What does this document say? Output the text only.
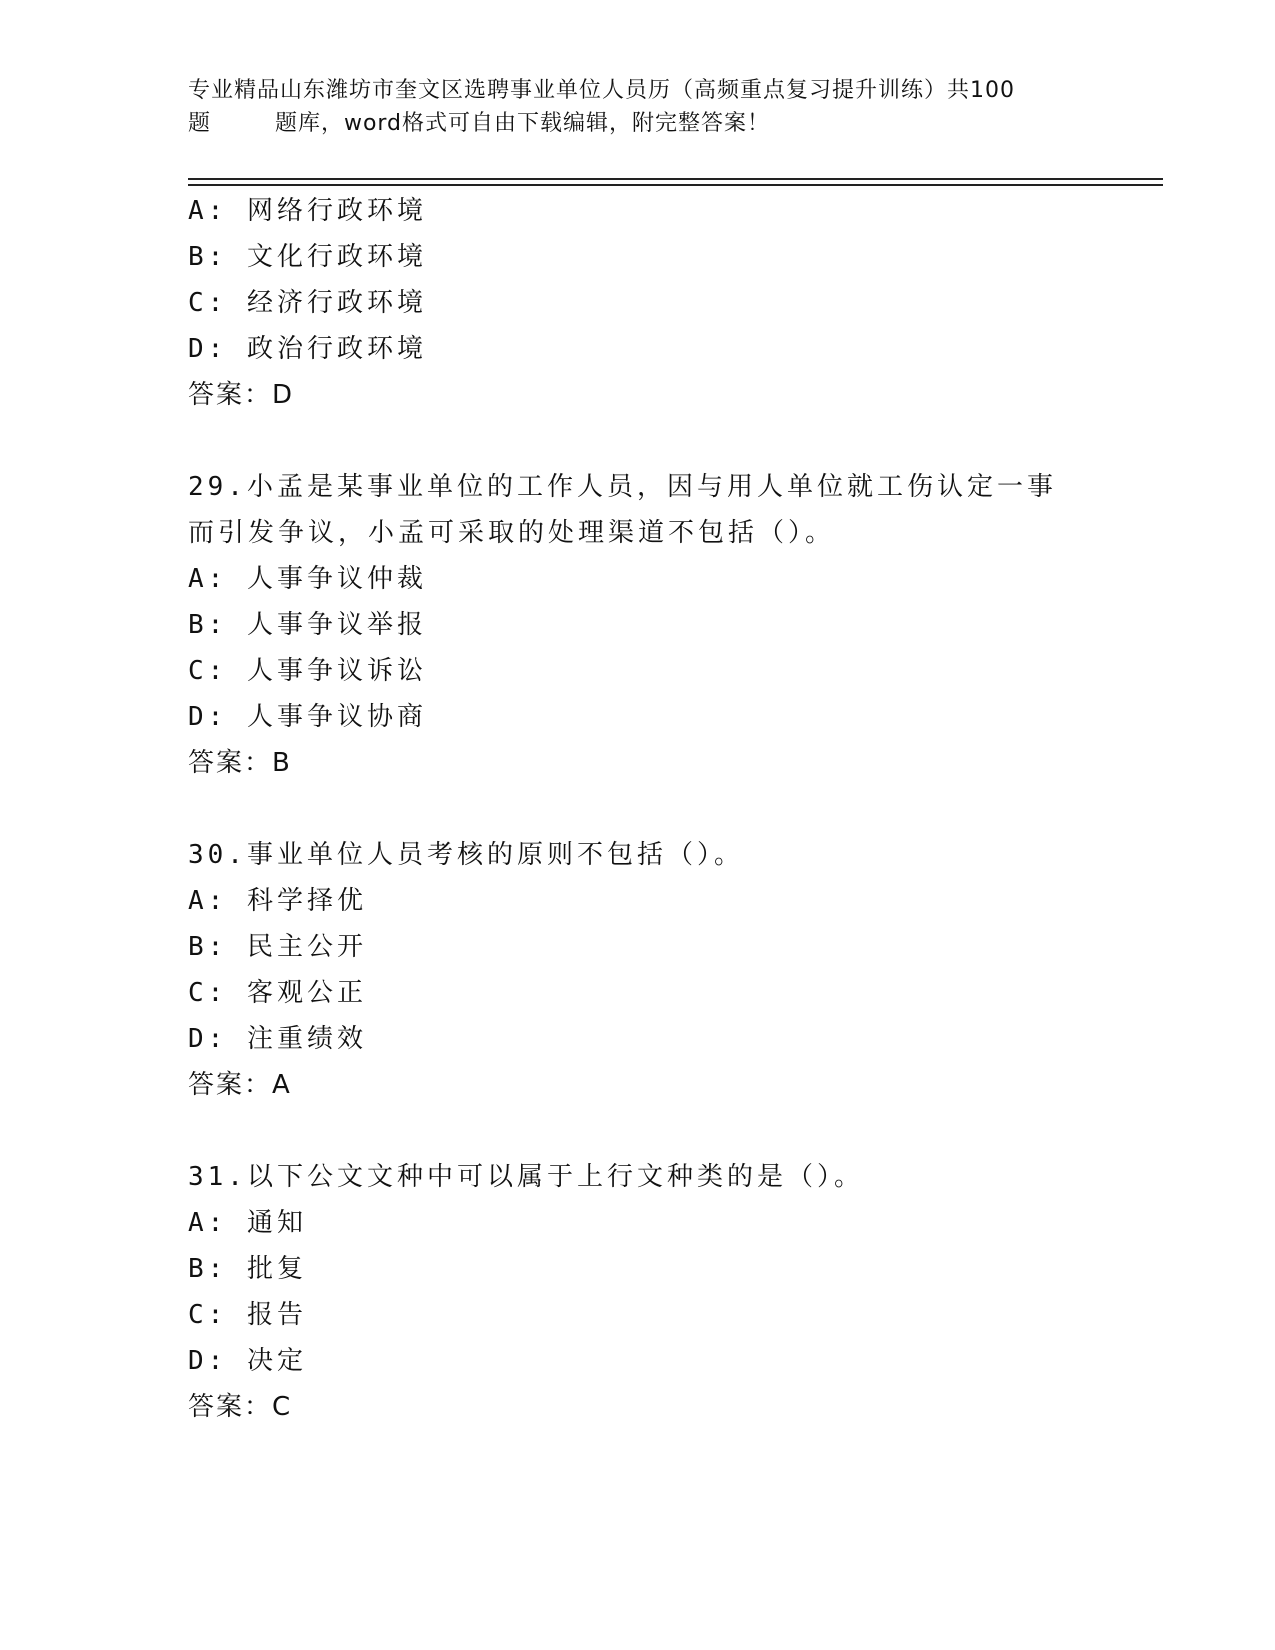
专业精品山东潍坊市奎文区选聘事业单位人员历（高频重点复习提升训练）共100
题        题库，word格式可自由下载编辑，附完整答案！
A: 网络行政环境
B: 文化行政环境
C: 经济行政环境
D: 政治行政环境
答案：D
29.小孟是某事业单位的工作人员，因与用人单位就工伤认定一事而引发争议，小孟可采取的处理渠道不包括（）。
A: 人事争议仲裁
B: 人事争议举报
C: 人事争议诉讼
D: 人事争议协商
答案：B
30.事业单位人员考核的原则不包括（）。
A: 科学择优
B: 民主公开
C: 客观公正
D: 注重绩效
答案：A
31.以下公文文种中可以属于上行文种类的是（）。
A: 通知
B: 批复
C: 报告
D: 决定
答案：C
